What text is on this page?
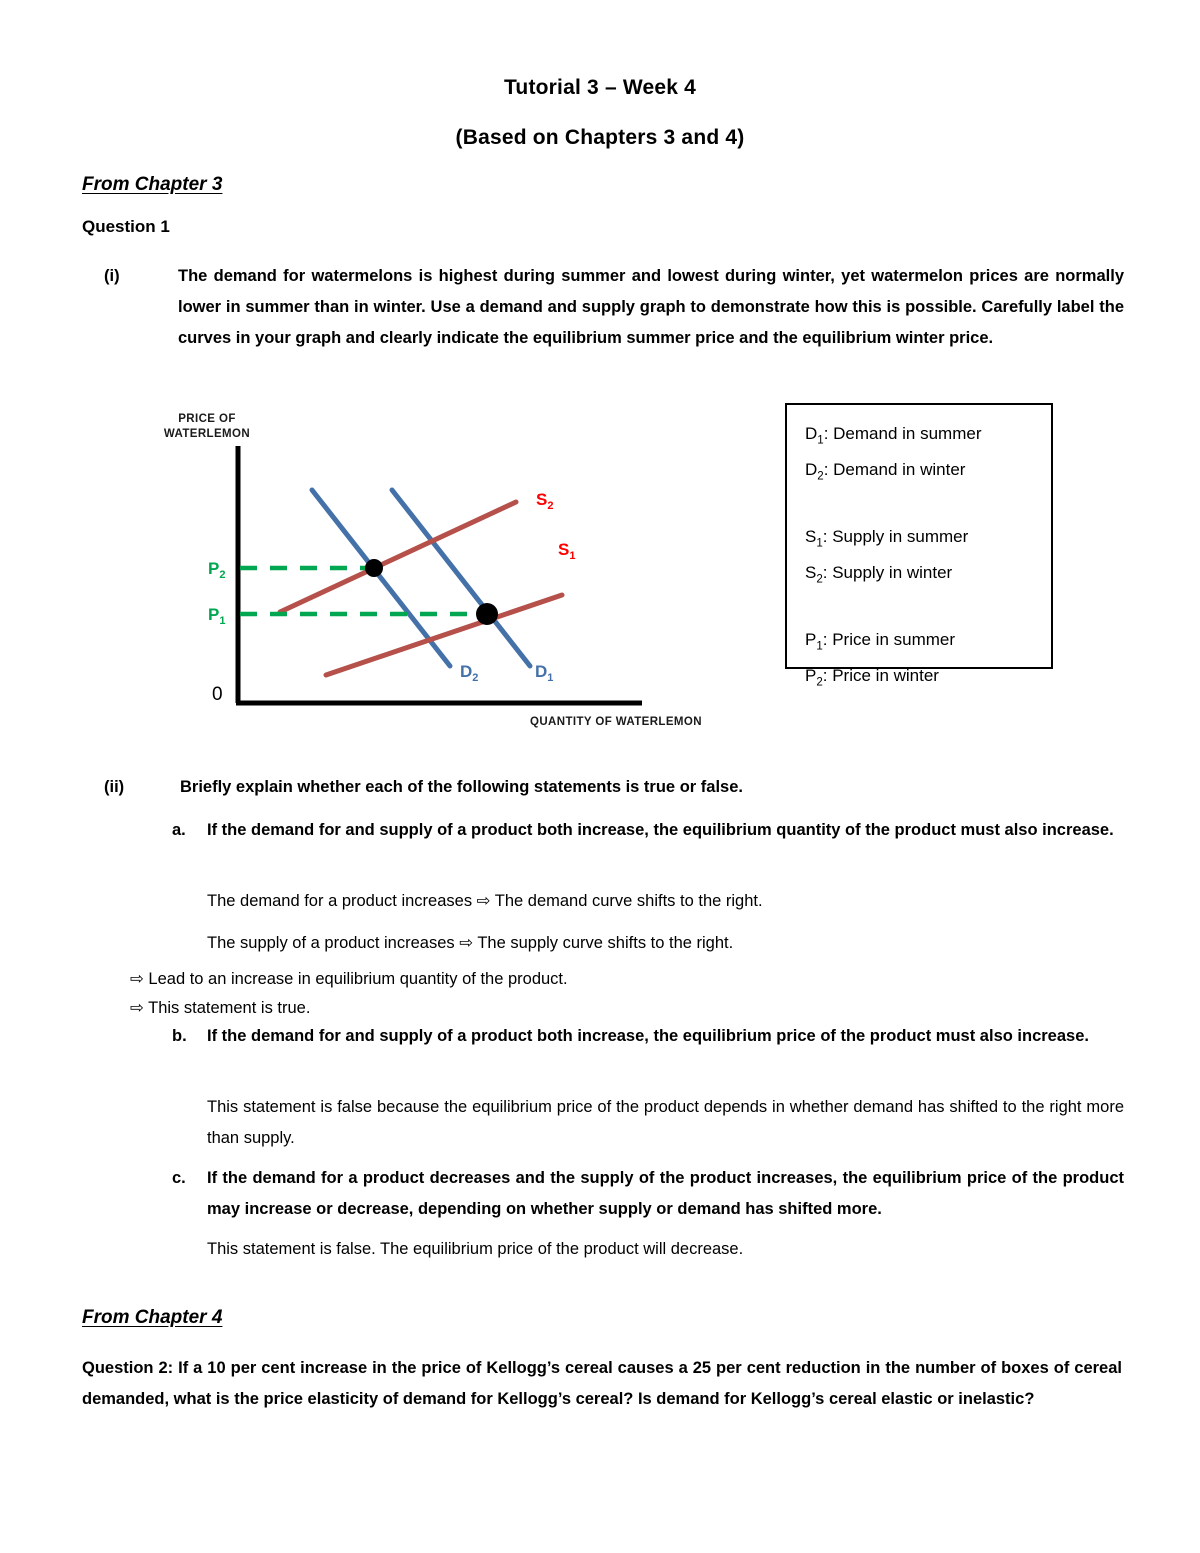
Tutorial 3 – Week 4
(Based on Chapters 3 and 4)
From Chapter 3
Question 1
(i)	The demand for watermelons is highest during summer and lowest during winter, yet watermelon prices are normally lower in summer than in winter. Use a demand and supply graph to demonstrate how this is possible. Carefully label the curves in your graph and clearly indicate the equilibrium summer price and the equilibrium winter price.
PRICE OF WATERLEMON
QUANTITY OF WATERLEMON
0
$S_2$
$S_1$
$D_2$	$D_1$
$P_2$
$P_1$
$D_1$: Demand in summer
$D_2$: Demand in winter
$S_1$: Supply in summer
$S_2$: Supply in winter
$P_1$: Price in summer
$P_2$: Price in winter
(ii)	Briefly explain whether each of the following statements is true or false.
a. If the demand for and supply of a product both increase, the equilibrium quantity of the product must also increase.
The demand for a product increases ⇨ The demand curve shifts to the right.
The supply of a product increases ⇨ The supply curve shifts to the right.
⇨ Lead to an increase in equilibrium quantity of the product.
⇨ This statement is true.
b. If the demand for and supply of a product both increase, the equilibrium price of the product must also increase.
This statement is false because the equilibrium price of the product depends in whether demand has shifted to the right more than supply.
c. If the demand for a product decreases and the supply of the product increases, the equilibrium price of the product may increase or decrease, depending on whether supply or demand has shifted more.
This statement is false. The equilibrium price of the product will decrease.
From Chapter 4
Question 2: If a 10 per cent increase in the price of Kellogg’s cereal causes a 25 per cent reduction in the number of boxes of cereal demanded, what is the price elasticity of demand for Kellogg’s cereal? Is demand for Kellogg’s cereal elastic or inelastic?
